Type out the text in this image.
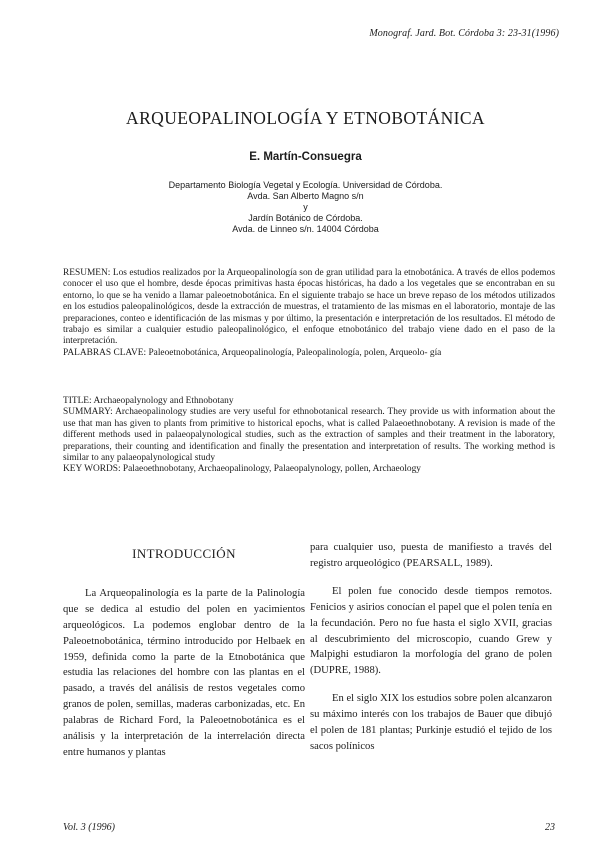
Monograf. Jard. Bot. Córdoba 3: 23-31(1996)
ARQUEOPALINOLOGÍA Y ETNOBOTÁNICA
E. Martín-Consuegra
Departamento Biología Vegetal y Ecología. Universidad de Córdoba.
Avda. San Alberto Magno s/n
y
Jardín Botánico de Córdoba.
Avda. de Linneo s/n. 14004 Córdoba

RESUMEN: Los estudios realizados por la Arqueopalinología son de gran utilidad para la etnobotánica. A través de ellos podemos conocer el uso que el hombre, desde épocas primitivas hasta épocas históricas, ha dado a los vegetales que se encontraban en su entorno, lo que se ha venido a llamar paleoetnobotánica. En el siguiente trabajo se hace un breve repaso de los métodos utilizados en los estudios paleopalinológicos, desde la extracción de muestras, el tratamiento de las mismas en el laboratorio, montaje de las preparaciones, conteo e identificación de las mismas y por último, la presentación e interpretación de los resultados. El método de trabajo es similar a cualquier estudio paleopalinológico, el enfoque etnobotánico del trabajo viene dado en el paso de la interpretación.

PALABRAS CLAVE: Paleoetnobotánica, Arqueopalinología, Paleopalinología, polen, Arqueolo- gía

TITLE: Archaeopalynology and Ethnobotany

SUMMARY: Archaeopalinology studies are very useful for ethnobotanical research. They provide us with information about the use that man has given to plants from primitive to historical epochs, what is called Palaeoethnobotany. A revision is made of the different methods used in palaeopalynological studies, such as the extraction of samples and their treatment in the laboratory, preparations, their counting and identification and finally the presentation and interpretation of results. The working method is similar to any palaeopalynological study

KEY WORDS: Palaeoethnobotany, Archaeopalinology, Palaeopalynology, pollen, Archaeology

INTRODUCCIÓN

La Arqueopalinología es la parte de la Palinología que se dedica al estudio del polen en yacimientos arqueológicos. La podemos englobar dentro de la Paleoetnobotánica, término introducido por Helbaek en 1959, definida como la parte de la Etnobotánica que estudia las relaciones del hombre con las plantas en el pasado, a través del análisis de restos vegetales como granos de polen, semillas, maderas carbonizadas, etc. En palabras de Richard Ford, la Paleoetnobotánica es el análisis y la interpretación de la interrelación directa entre humanos y plantas

para cualquier uso, puesta de manifiesto a través del registro arqueológico (PEARSALL, 1989).

El polen fue conocido desde tiempos remotos. Fenicios y asirios conocían el papel que el polen tenía en la fecundación. Pero no fue hasta el siglo XVII, gracias al descubrimiento del microscopio, cuando Grew y Malpighi estudiaron la morfología del grano de polen (DUPRE, 1988).

En el siglo XIX los estudios sobre polen alcanzaron su máximo interés con los trabajos de Bauer que dibujó el polen de 181 plantas; Purkinje estudió el tejido de los sacos polínicos

Vol. 3 (1996)	23
